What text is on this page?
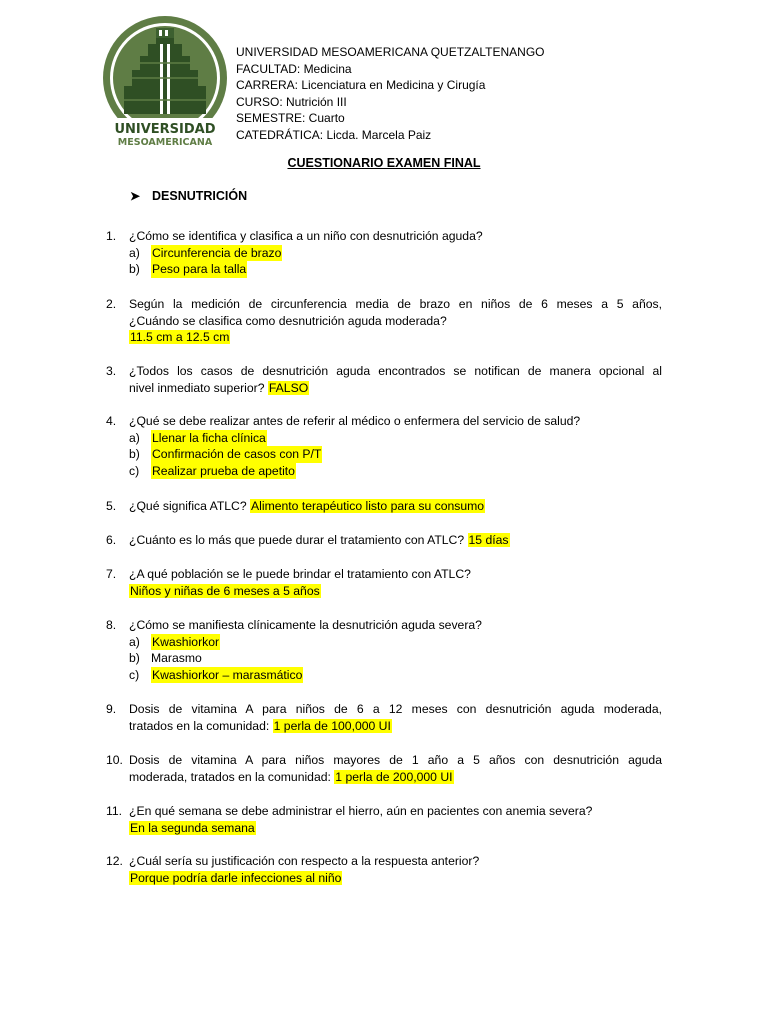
UNIVERSIDAD
MESOAMERICANA
UNIVERSIDAD MESOAMERICANA QUETZALTENANGO
FACULTAD: Medicina
CARRERA: Licenciatura en Medicina y Cirugía
CURSO: Nutrición III
SEMESTRE: Cuarto
CATEDRÁTICA: Licda. Marcela Paiz
CUESTIONARIO EXAMEN FINAL
➤ DESNUTRICIÓN
1.	¿Cómo se identifica y clasifica a un niño con desnutrición aguda?
a) Circunferencia de brazo
b) Peso para la talla
2.	Según la medición de circunferencia media de brazo en niños de 6 meses a 5 años,
¿Cuándo se clasifica como desnutrición aguda moderada?
11.5 cm a 12.5 cm
3.	¿Todos los casos de desnutrición aguda encontrados se notifican de manera opcional al
nivel inmediato superior? FALSO
4.	¿Qué se debe realizar antes de referir al médico o enfermera del servicio de salud?
a) Llenar la ficha clínica
b) Confirmación de casos con P/T
c)	Realizar prueba de apetito
5.	¿Qué significa ATLC? Alimento terapéutico listo para su consumo
6.	¿Cuánto es lo más que puede durar el tratamiento con ATLC? 15 días
7.	¿A qué población se le puede brindar el tratamiento con ATLC?
Niños y niñas de 6 meses a 5 años
8.	¿Cómo se manifiesta clínicamente la desnutrición aguda severa?
a) Kwashiorkor
b) Marasmo
c)	Kwashiorkor – marasmático
9.	Dosis de vitamina A para niños de 6 a 12 meses con desnutrición aguda moderada,
tratados en la comunidad: 1 perla de 100,000 UI
10. Dosis de vitamina A para niños mayores de 1 año a 5 años con desnutrición aguda
moderada, tratados en la comunidad: 1 perla de 200,000 UI
11. ¿En qué semana se debe administrar el hierro, aún en pacientes con anemia severa?
En la segunda semana
12. ¿Cuál sería su justificación con respecto a la respuesta anterior?
Porque podría darle infecciones al niño
